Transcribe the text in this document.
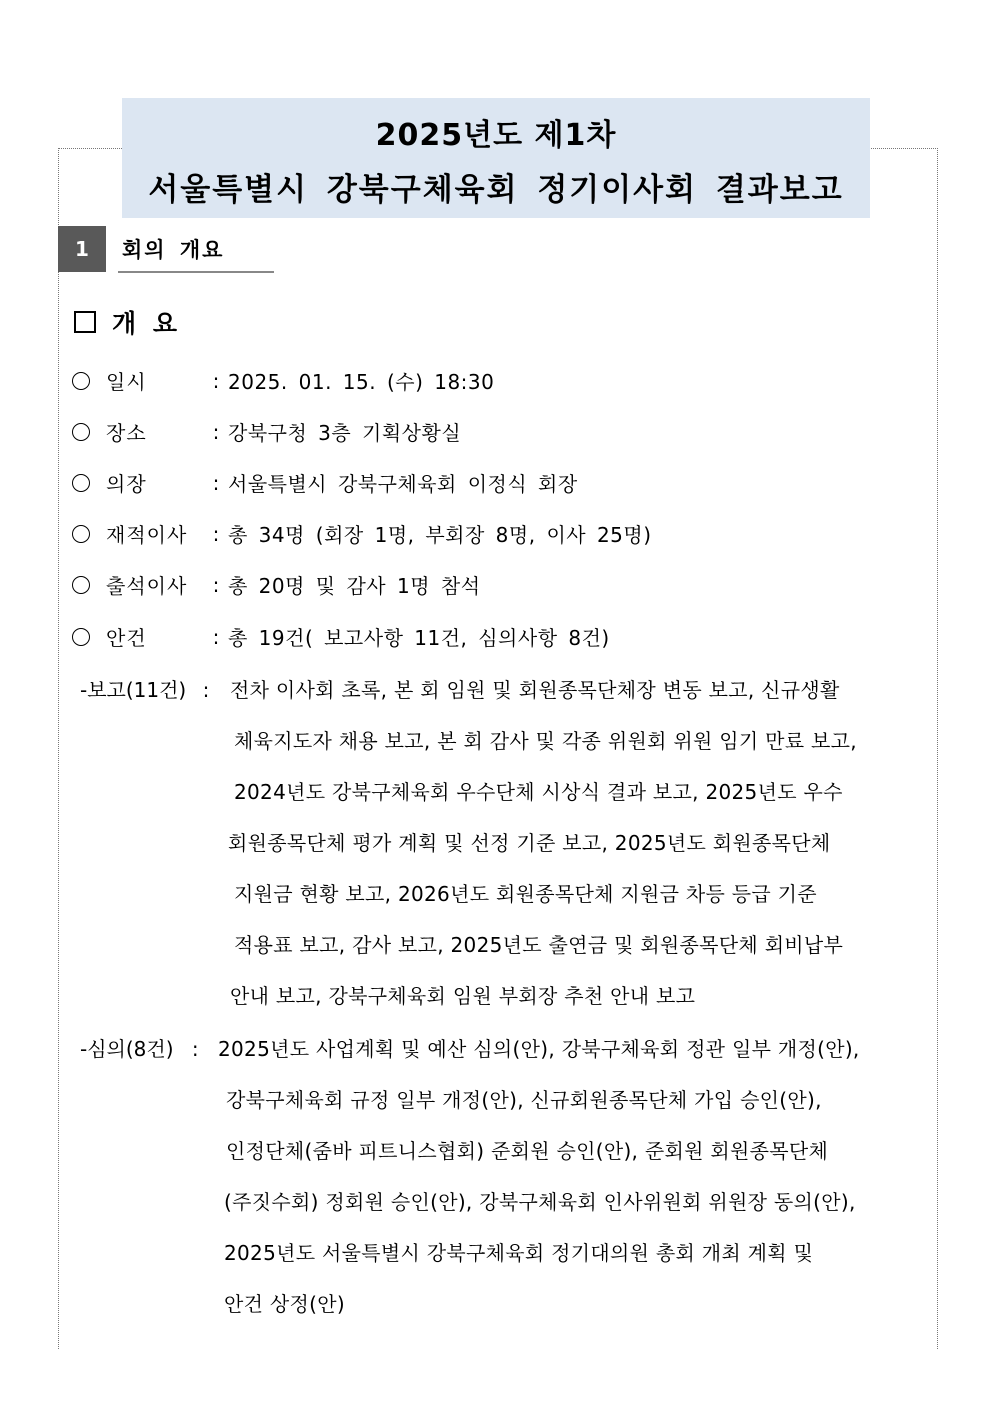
2025년도 제1차
서울특별시 강북구체육회 정기이사회 결과보고
1	회의 개요
개 요
일시	: 2025. 01. 15. (수) 18:30
장소	: 강북구청 3층 기획상황실
의장	: 서울특별시 강북구체육회 이정식 회장
재적이사	: 총 34명 (회장 1명, 부회장 8명, 이사 25명)
출석이사	: 총 20명 및 감사 1명 참석
안건	: 총 19건( 보고사항 11건, 심의사항 8건)
-보고(11건) : 전차 이사회 초록, 본 회 임원 및 회원종목단체장 변동 보고, 신규생활
체육지도자 채용 보고, 본 회 감사 및 각종 위원회 위원 임기 만료 보고,
2024년도 강북구체육회 우수단체 시상식 결과 보고, 2025년도 우수
회원종목단체 평가 계획 및 선정 기준 보고, 2025년도 회원종목단체
지원금 현황 보고, 2026년도 회원종목단체 지원금 차등 등급 기준
적용표 보고, 감사 보고, 2025년도 출연금 및 회원종목단체 회비납부
안내 보고, 강북구체육회 임원 부회장 추천 안내 보고
-심의(8건) : 2025년도 사업계획 및 예산 심의(안), 강북구체육회 정관 일부 개정(안),
강북구체육회 규정 일부 개정(안), 신규회원종목단체 가입 승인(안),
인정단체(줌바 피트니스협회) 준회원 승인(안), 준회원 회원종목단체
(주짓수회) 정회원 승인(안), 강북구체육회 인사위원회 위원장 동의(안),
2025년도 서울특별시 강북구체육회 정기대의원 총회 개최 계획 및
안건 상정(안)
